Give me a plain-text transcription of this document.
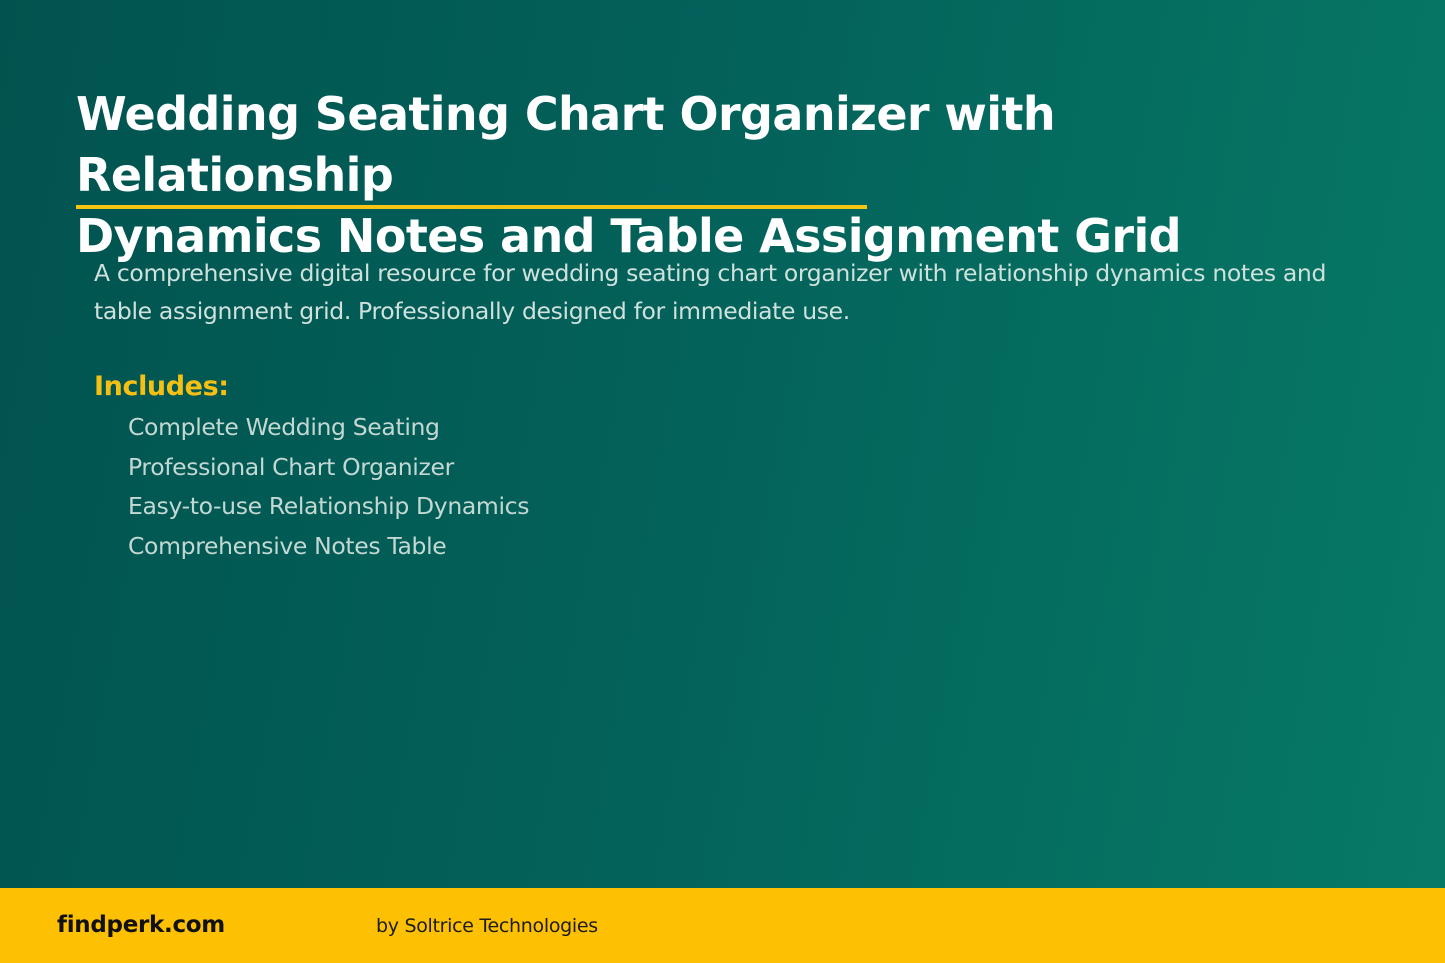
Wedding Seating Chart Organizer with Relationship
Dynamics Notes and Table Assignment Grid

A comprehensive digital resource for wedding seating chart organizer with relationship dynamics notes and
table assignment grid. Professionally designed for immediate use.

Includes:
Complete Wedding Seating
Professional Chart Organizer
Easy-to-use Relationship Dynamics
Comprehensive Notes Table
findperk.com	by Soltrice Technologies
